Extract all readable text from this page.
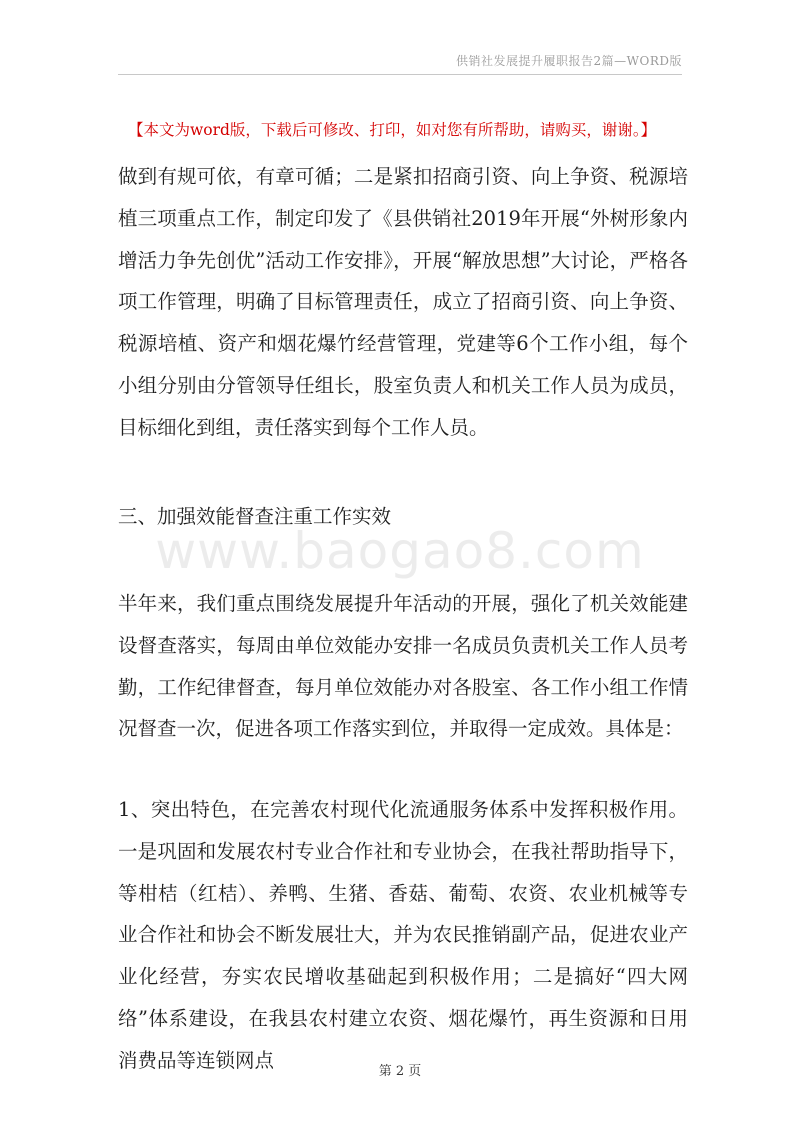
供销社发展提升履职报告2篇—WORD版
【本文为word版，下载后可修改、打印，如对您有所帮助，请购买，谢谢。】

做到有规可依，有章可循；二是紧扣招商引资、向上争资、税源培植三项重点工作，制定印发了《县供销社2019年开展“外树形象内增活力争先创优”活动工作安排》，开展“解放思想”大讨论，严格各项工作管理，明确了目标管理责任，成立了招商引资、向上争资、税源培植、资产和烟花爆竹经营管理，党建等6个工作小组，每个小组分别由分管领导任组长，股室负责人和机关工作人员为成员，目标细化到组，责任落实到每个工作人员。

三、加强效能督查注重工作实效
www.baogao8.com

半年来，我们重点围绕发展提升年活动的开展，强化了机关效能建设督查落实，每周由单位效能办安排一名成员负责机关工作人员考勤，工作纪律督查，每月单位效能办对各股室、各工作小组工作情况督查一次，促进各项工作落实到位，并取得一定成效。具体是：

1、突出特色，在完善农村现代化流通服务体系中发挥积极作用。一是巩固和发展农村专业合作社和专业协会，在我社帮助指导下，等柑桔（红桔）、养鸭、生猪、香菇、葡萄、农资、农业机械等专业合作社和协会不断发展壮大，并为农民推销副产品，促进农业产业化经营，夯实农民增收基础起到积极作用；二是搞好“四大网络”体系建设，在我县农村建立农资、烟花爆竹，再生资源和日用消费品等连锁网点	第 2 页
